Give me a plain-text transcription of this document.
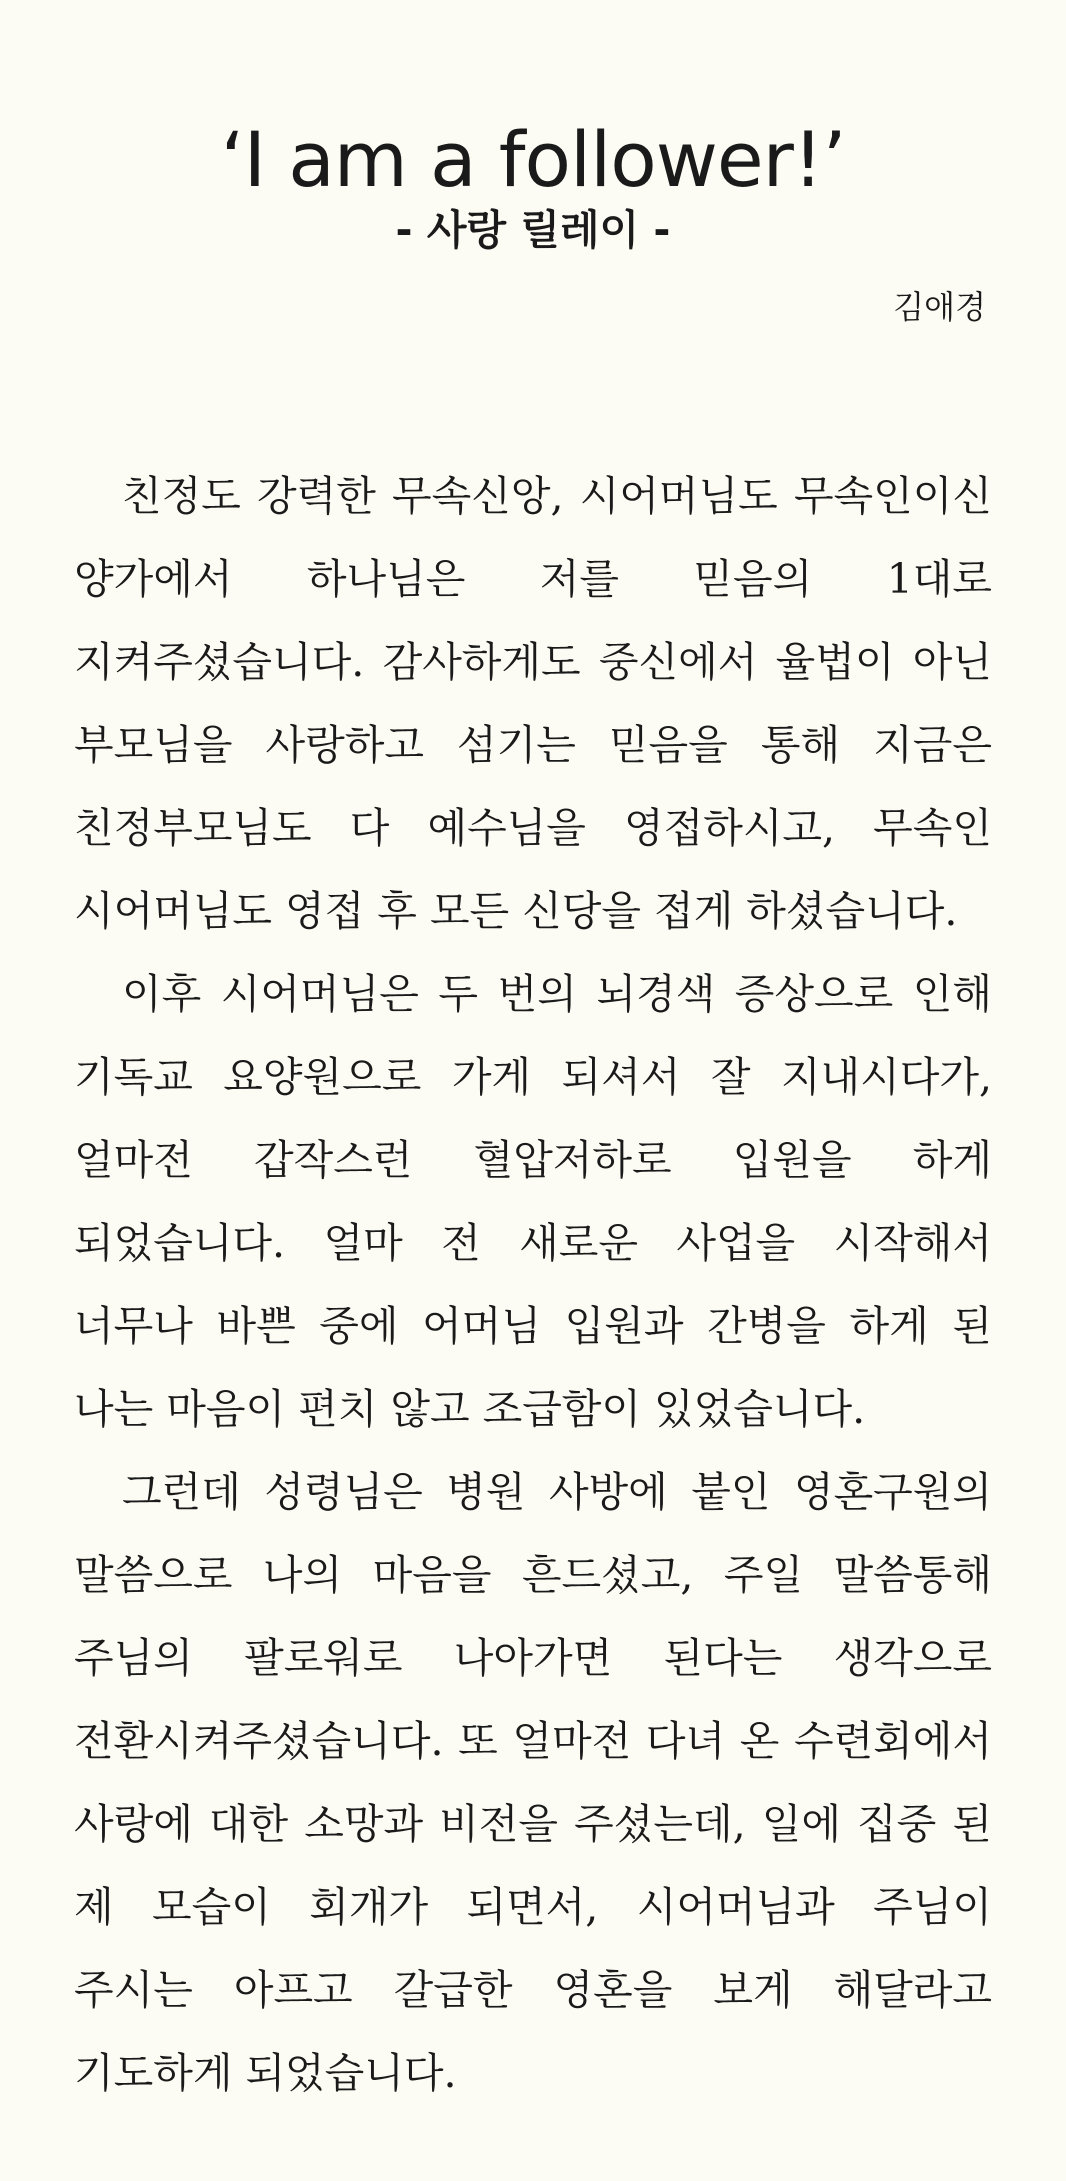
‘I am a follower!’
- 사랑 릴레이 -
김애경

친정도 강력한 무속신앙, 시어머님도 무속인이신 양가에서 하나님은 저를 믿음의 1대로 지켜주셨습니다. 감사하게도 중신에서 율법이 아닌 부모님을 사랑하고 섬기는 믿음을 통해 지금은 친정부모님도 다 예수님을 영접하시고, 무속인 시어머님도 영접 후 모든 신당을 접게 하셨습니다.

이후 시어머님은 두 번의 뇌경색 증상으로 인해 기독교 요양원으로 가게 되셔서 잘 지내시다가, 얼마전 갑작스런 혈압저하로 입원을 하게 되었습니다. 얼마 전 새로운 사업을 시작해서 너무나 바쁜 중에 어머님 입원과 간병을 하게 된 나는 마음이 편치 않고 조급함이 있었습니다.

그런데 성령님은 병원 사방에 붙인 영혼구원의 말씀으로 나의 마음을 흔드셨고, 주일 말씀통해 주님의 팔로워로 나아가면 된다는 생각으로 전환시켜주셨습니다. 또 얼마전 다녀 온 수련회에서 사랑에 대한 소망과 비전을 주셨는데, 일에 집중 된 제 모습이 회개가 되면서, 시어머님과 주님이 주시는 아프고 갈급한 영혼을 보게 해달라고 기도하게 되었습니다.
